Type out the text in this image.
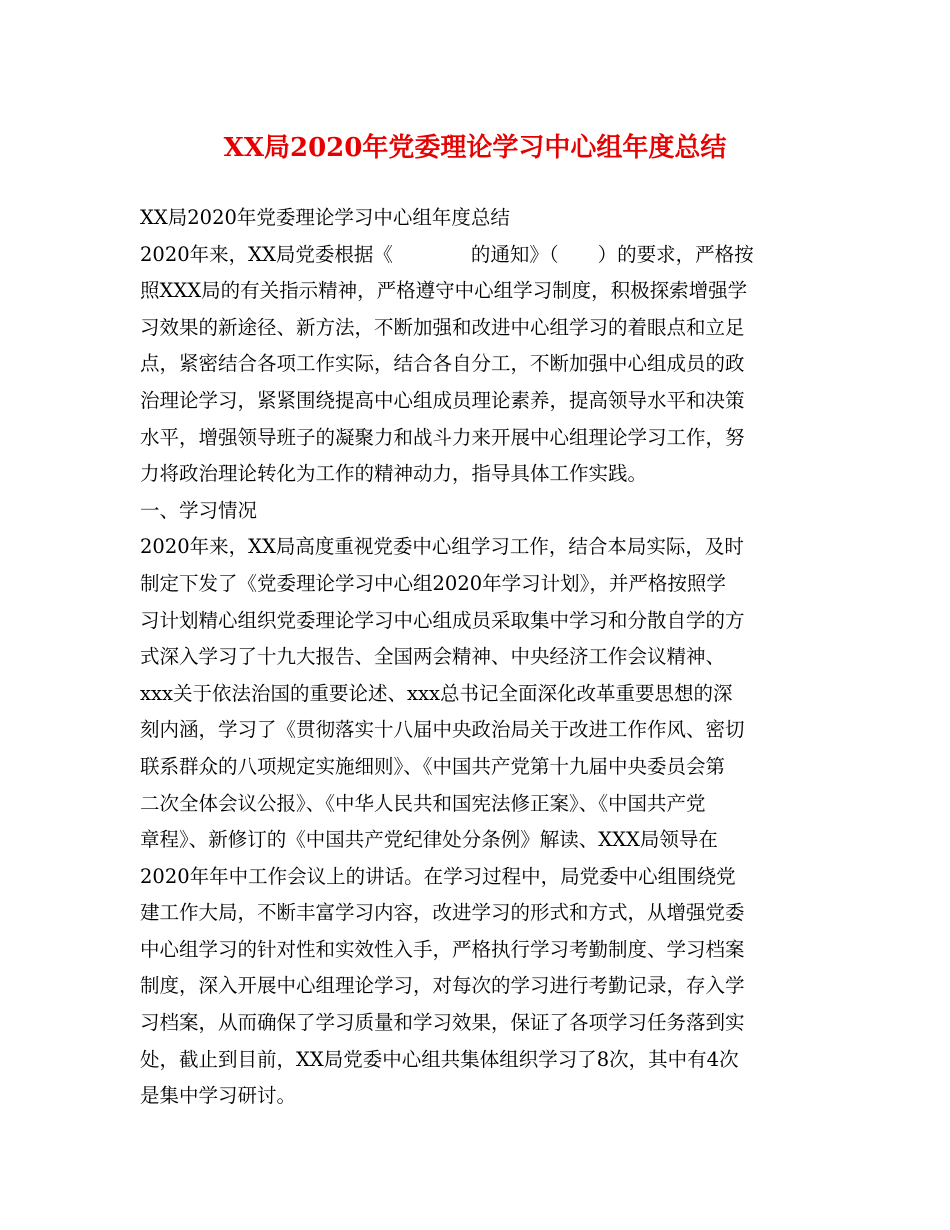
XX局2020年党委理论学习中心组年度总结
XX局2020年党委理论学习中心组年度总结
2020年来，XX局党委根据《　　　　的通知》（　　）的要求，严格按
照XXX局的有关指示精神，严格遵守中心组学习制度，积极探索增强学
习效果的新途径、新方法，不断加强和改进中心组学习的着眼点和立足
点，紧密结合各项工作实际，结合各自分工，不断加强中心组成员的政
治理论学习，紧紧围绕提高中心组成员理论素养，提高领导水平和决策
水平，增强领导班子的凝聚力和战斗力来开展中心组理论学习工作，努
力将政治理论转化为工作的精神动力，指导具体工作实践。
一、学习情况
2020年来，XX局高度重视党委中心组学习工作，结合本局实际，及时
制定下发了《党委理论学习中心组2020年学习计划》，并严格按照学
习计划精心组织党委理论学习中心组成员采取集中学习和分散自学的方
式深入学习了十九大报告、全国两会精神、中央经济工作会议精神、
xxx关于依法治国的重要论述、xxx总书记全面深化改革重要思想的深
刻内涵，学习了《贯彻落实十八届中央政治局关于改进工作作风、密切
联系群众的八项规定实施细则》、《中国共产党第十九届中央委员会第
二次全体会议公报》、《中华人民共和国宪法修正案》、《中国共产党
章程》、新修订的《中国共产党纪律处分条例》解读、XXX局领导在
2020年年中工作会议上的讲话。在学习过程中，局党委中心组围绕党
建工作大局，不断丰富学习内容，改进学习的形式和方式，从增强党委
中心组学习的针对性和实效性入手，严格执行学习考勤制度、学习档案
制度，深入开展中心组理论学习，对每次的学习进行考勤记录，存入学
习档案，从而确保了学习质量和学习效果，保证了各项学习任务落到实
处，截止到目前，XX局党委中心组共集体组织学习了8次，其中有4次
是集中学习研讨。
